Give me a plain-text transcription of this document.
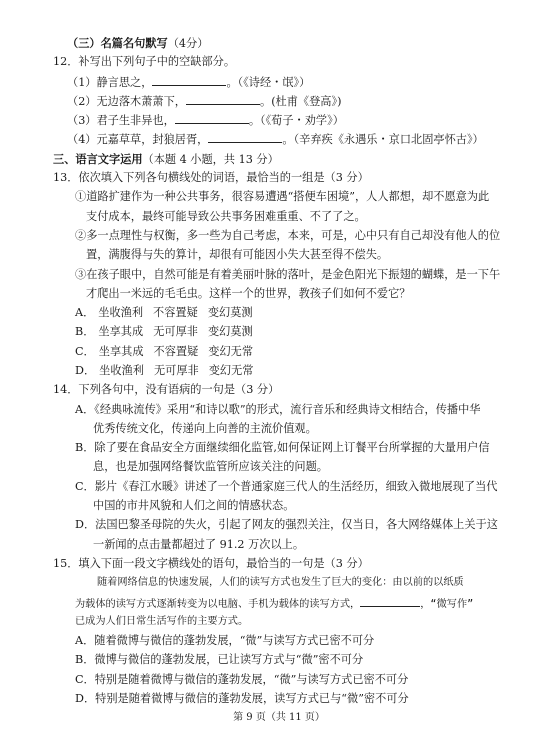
（三）名篇名句默写（4分）
12．补写出下列句子中的空缺部分。
（1）静言思之，	。（《诗经・氓》）
（2）无边落木萧萧下，	。(杜甫《登高》)
（3）君子生非异也，	。（《荀子・劝学》）
（4）元嘉草草，封狼居胥，	。（辛弃疾《永遇乐・京口北固亭怀古》）
三、语言文字运用（本题 4 小题，共 13 分）
13．依次填入下列各句横线处的词语，最恰当的一组是（3 分）
①道路扩建作为一种公共事务，很容易遭遇“搭便车困境”，人人都想，却不愿意为此
支付成本，最终可能导致公共事务困难重重、不了了之。
②多一点理性与权衡，多一些为自己考虑，本来，可是，心中只有自己却没有他人的位
置，满腹得与失的算计，却很有可能因小失大甚至得不偿失。
③在孩子眼中，自然可能是有着美丽叶脉的落叶，是金色阳光下振翅的蝴蝶，是一下午
才爬出一米远的毛毛虫。这样一个的世界，教孩子们如何不爱它？
A． 坐收渔利 不容置疑 变幻莫测
B． 坐享其成 无可厚非 变幻莫测
C． 坐享其成 不容置疑 变幻无常
D． 坐收渔利 无可厚非 变幻无常
14．下列各句中，没有语病的一句是（3 分）
A．《经典咏流传》采用“和诗以歌”的形式，流行音乐和经典诗文相结合，传播中华
优秀传统文化，传递向上向善的主流价值观。
B．除了要在食品安全方面继续细化监管,如何保证网上订餐平台所掌握的大量用户信
息，也是加强网络餐饮监管所应该关注的问题。
C．影片《春江水暖》讲述了一个普通家庭三代人的生活经历，细致入微地展现了当代
中国的市井风貌和人们之间的情感状态。
D．法国巴黎圣母院的失火，引起了网友的强烈关注，仅当日，各大网络媒体上关于这
一新闻的点击量都超过了 91.2 万次以上。
15．填入下面一段文字横线处的语句，最恰当的一句是（3 分）
随着网络信息的快速发展，人们的读写方式也发生了巨大的变化：由以前的以纸质
为载体的读写方式逐渐转变为以电脑、手机为载体的读写方式，	，“微写作”
已成为人们日常生活写作的主要方式。
第 9 页（共 11 页）
A．随着微博与微信的蓬勃发展，“微”与读写方式已密不可分
B．微博与微信的蓬勃发展，已让读写方式与“微”密不可分
C．特别是随着微博与微信的蓬勃发展，“微”与读写方式已密不可分
D．特别是随着微博与微信的蓬勃发展，读写方式已与“微”密不可分
